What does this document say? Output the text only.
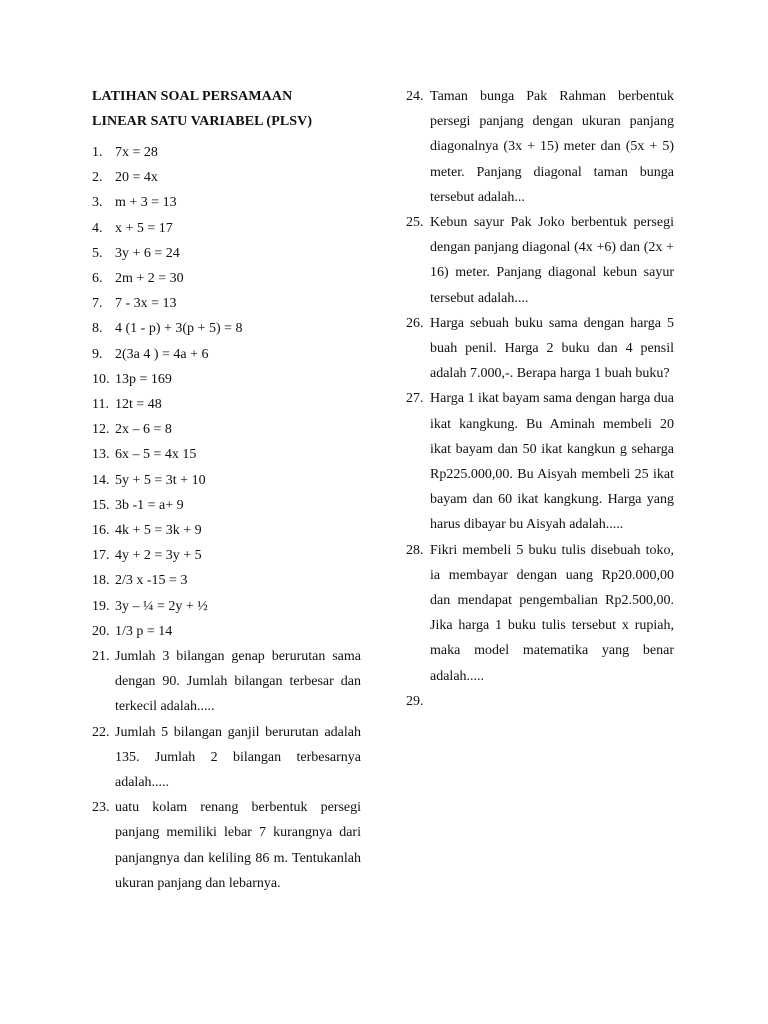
LATIHAN SOAL PERSAMAAN
LINEAR SATU VARIABEL (PLSV)
1. 7x = 28
2. 20 = 4x
3. m + 3 = 13
4. x + 5 = 17
5. 3y + 6 = 24
6. 2m + 2 = 30
7. 7 - 3x = 13
8. 4 (1 - p) + 3(p + 5) = 8
9. 2(3a 4 ) = 4a + 6
10. 13p = 169
11. 12t = 48
12. 2x – 6 = 8
13. 6x – 5 = 4x 15
14. 5y + 5 = 3t + 10
15. 3b -1 = a+ 9
16. 4k + 5 = 3k + 9
17. 4y + 2 = 3y + 5
18. 2/3 x -15 = 3
19. 3y – ¼ = 2y + ½
20. 1/3 p = 14
21. Jumlah 3 bilangan genap berurutan sama dengan 90. Jumlah bilangan terbesar dan terkecil adalah.....
22. Jumlah 5 bilangan ganjil berurutan adalah 135. Jumlah 2 bilangan terbesarnya adalah.....
23. uatu kolam renang berbentuk persegi panjang memiliki lebar 7 kurangnya dari panjangnya dan keliling 86 m. Tentukanlah ukuran panjang dan lebarnya.
24. Taman bunga Pak Rahman berbentuk persegi panjang dengan ukuran panjang diagonalnya (3x + 15) meter dan (5x + 5) meter. Panjang diagonal taman bunga tersebut adalah...
25. Kebun sayur Pak Joko berbentuk persegi dengan panjang diagonal (4x +6) dan (2x + 16) meter. Panjang diagonal kebun sayur tersebut adalah....
26. Harga sebuah buku sama dengan harga 5 buah penil. Harga 2 buku dan 4 pensil adalah 7.000,-. Berapa harga 1 buah buku?
27. Harga 1 ikat bayam sama dengan harga dua ikat kangkung. Bu Aminah membeli 20 ikat bayam dan 50 ikat kangkun g seharga Rp225.000,00. Bu Aisyah membeli 25 ikat bayam dan 60 ikat kangkung. Harga yang harus dibayar bu Aisyah adalah.....
28. Fikri membeli 5 buku tulis disebuah toko, ia membayar dengan uang Rp20.000,00 dan mendapat pengembalian Rp2.500,00. Jika harga 1 buku tulis tersebut x rupiah, maka model matematika yang benar adalah.....
29.
